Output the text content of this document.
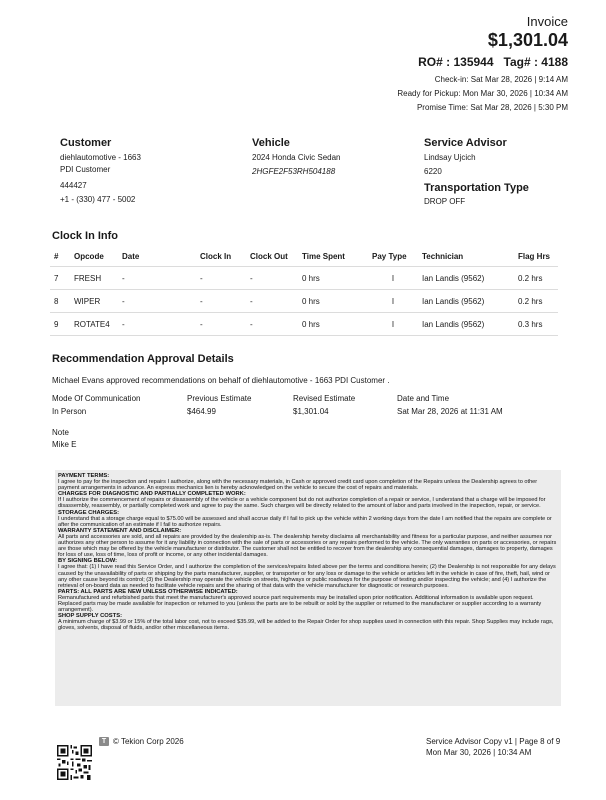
Invoice
$1,301.04
RO# : 135944   Tag# : 4188
Check-in: Sat Mar 28, 2026 | 9:14 AM
Ready for Pickup: Mon Mar 30, 2026 | 10:34 AM
Promise Time: Sat Mar 28, 2026 | 5:30 PM
Customer
diehlautomotive - 1663
PDI Customer
444427
+1 - (330) 477 - 5002
Vehicle
2024 Honda Civic Sedan
2HGFE2F53RH504188
Service Advisor
Lindsay Ujcich
6220
Transportation Type
DROP OFF
Clock In Info
#	Opcode	Date	Clock In	Clock Out	Time Spent	Pay Type	Technician	Flag Hrs
7	FRESH	-	-	-	0 hrs	I	Ian Landis (9562)	0.2 hrs
8	WIPER	-	-	-	0 hrs	I	Ian Landis (9562)	0.2 hrs
9	ROTATE4	-	-	-	0 hrs	I	Ian Landis (9562)	0.3 hrs
Recommendation Approval Details
Michael Evans approved recommendations on behalf of diehlautomotive - 1663 PDI Customer .
Mode Of Communication
In Person
Previous Estimate
$464.99
Revised Estimate
$1,301.04
Date and Time
Sat Mar 28, 2026 at 11:31 AM
Note
Mike E
PAYMENT TERMS:
I agree to pay for the inspection and repairs I authorize, along with the necessary materials, in Cash or approved credit card upon completion of the Repairs unless the Dealership agrees to other payment arrangements in advance. An express mechanics lien is hereby acknowledged on the vehicle to secure the cost of repairs and materials.
CHARGES FOR DIAGNOSTIC AND PARTIALLY COMPLETED WORK:
If I authorize the commencement of repairs or disassembly of the vehicle or a vehicle component but do not authorize completion of a repair or service, I understand that a charge will be imposed for disassembly, reassembly, or partially completed work and agree to pay the same. Such charges will be directly related to the amount of labor and parts involved in the inspection, repair, or service.
STORAGE CHARGES:
I understand that a storage charge equal to $75.00 will be assessed and shall accrue daily if I fail to pick up the vehicle within 2 working days from the date I am notified that the repairs are complete or after the communication of an estimate if I fail to authorize repairs.
WARRANTY STATEMENT AND DISCLAIMER:
All parts and accessories are sold, and all repairs are provided by the dealership as-is. The dealership hereby disclaims all merchantability and fitness for a particular purpose, and neither assumes nor authorizes any other person to assume for it any liability in connection with the sale of parts or accessories or any repairs performed to the vehicle. The only warranties on parts or accessories, or repairs are those which may be offered by the vehicle manufacturer or distributor. The customer shall not be entitled to recover from the dealership any consequential damages, damages to property, damages for loss of use, loss of time, loss of profit or income, or any other incidental damages.
BY SIGNING BELOW:
I agree that: (1) I have read this Service Order, and I authorize the completion of the services/repairs listed above per the terms and conditions herein; (2) the Dealership is not responsible for any delays caused by the unavailability of parts or shipping by the parts manufacturer, supplier, or transporter or for any loss or damage to the vehicle or articles left in the vehicle in case of fire, theft, hail, wind or any other cause beyond its control; (3) the Dealership may operate the vehicle on streets, highways or public roadways for the purpose of testing and/or inspecting the vehicle; and (4) I authorize the retrieval of on-board data as needed to facilitate vehicle repairs and the sharing of that data with the vehicle manufacturer for diagnostic or research purposes.
PARTS: ALL PARTS ARE NEW UNLESS OTHERWISE INDICATED:
Remanufactured and refurbished parts that meet the manufacturer's approved source part requirements may be installed upon prior notification. Additional information is available upon request. Replaced parts may be made available for inspection or returned to you (unless the parts are to be rebuilt or sold by the supplier or returned to the manufacturer or supplier according to a warranty arrangement).
SHOP SUPPLY COSTS:
A minimum charge of $3.99 or 15% of the total labor cost, not to exceed $35.99, will be added to the Repair Order for shop supplies used in connection with this repair. Shop Supplies may include rags, gloves, solvents, disposal of fluids, and/or other miscellaneous items.
T © Tekion Corp 2026	Service Advisor Copy v1 | Page 8 of 9
Mon Mar 30, 2026 | 10:34 AM
